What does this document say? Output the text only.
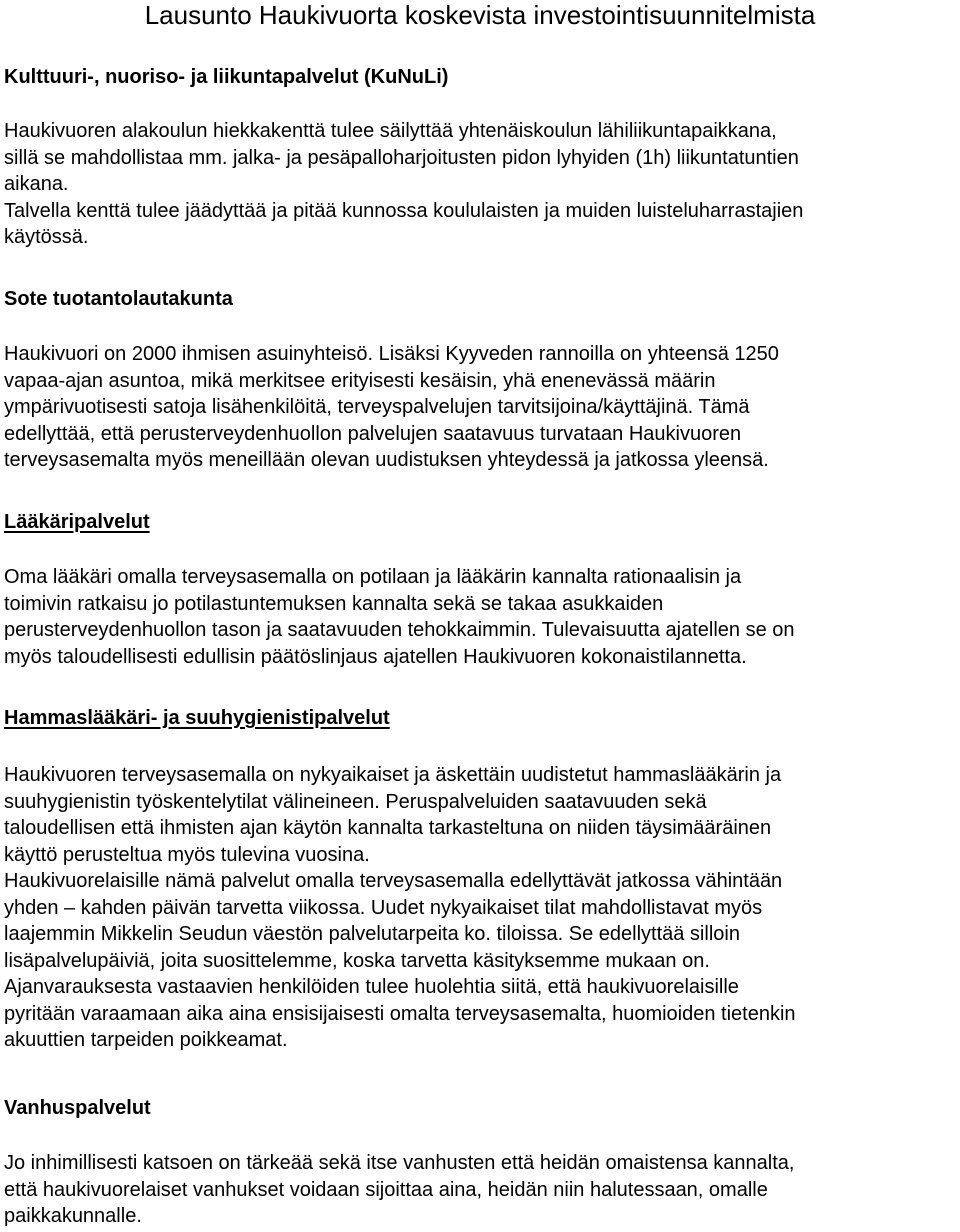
Lausunto Haukivuorta koskevista investointisuunnitelmista
Kulttuuri-, nuoriso- ja liikuntapalvelut (KuNuLi)
Haukivuoren alakoulun hiekkakenttä tulee säilyttää yhtenäiskoulun lähiliikuntapaikkana,
sillä se mahdollistaa mm. jalka- ja pesäpalloharjoitusten pidon lyhyiden (1h) liikuntatuntien
aikana.
Talvella kenttä tulee jäädyttää ja pitää kunnossa koululaisten ja muiden luisteluharrastajien
käytössä.
Sote tuotantolautakunta
Haukivuori on 2000 ihmisen asuinyhteisö. Lisäksi Kyyveden rannoilla on yhteensä 1250
vapaa-ajan asuntoa, mikä merkitsee erityisesti kesäisin, yhä enenevässä määrin
ympärivuotisesti satoja lisähenkilöitä, terveyspalvelujen tarvitsijoina/käyttäjinä. Tämä
edellyttää, että perusterveydenhuollon palvelujen saatavuus turvataan Haukivuoren
terveysasemalta myös meneillään olevan uudistuksen yhteydessä ja jatkossa yleensä.
Lääkäripalvelut
Oma lääkäri omalla terveysasemalla on potilaan ja lääkärin kannalta rationaalisin ja
toimivin ratkaisu jo potilastuntemuksen kannalta sekä se takaa asukkaiden
perusterveydenhuollon tason ja saatavuuden tehokkaimmin. Tulevaisuutta ajatellen se on
myös taloudellisesti edullisin päätöslinjaus ajatellen Haukivuoren kokonaistilannetta.
Hammaslääkäri- ja suuhygienistipalvelut
Haukivuoren terveysasemalla on nykyaikaiset ja äskettäin uudistetut hammaslääkärin ja
suuhygienistin työskentelytilat välineineen. Peruspalveluiden saatavuuden sekä
taloudellisen että ihmisten ajan käytön kannalta tarkasteltuna on niiden täysimääräinen
käyttö perusteltua myös tulevina vuosina.
Haukivuorelaisille nämä palvelut omalla terveysasemalla edellyttävät jatkossa vähintään
yhden – kahden päivän tarvetta viikossa. Uudet nykyaikaiset tilat mahdollistavat myös
laajemmin Mikkelin Seudun väestön palvelutarpeita ko. tiloissa. Se edellyttää silloin
lisäpalvelupäiviä, joita suosittelemme, koska tarvetta käsityksemme mukaan on.
Ajanvarauksesta vastaavien henkilöiden tulee huolehtia siitä, että haukivuorelaisille
pyritään varaamaan aika aina ensisijaisesti omalta terveysasemalta, huomioiden tietenkin
akuuttien tarpeiden poikkeamat.
Vanhuspalvelut
Jo inhimillisesti katsoen on tärkeää sekä itse vanhusten että heidän omaistensa kannalta,
että haukivuorelaiset vanhukset voidaan sijoittaa aina, heidän niin halutessaan, omalle
paikkakunnalle.
